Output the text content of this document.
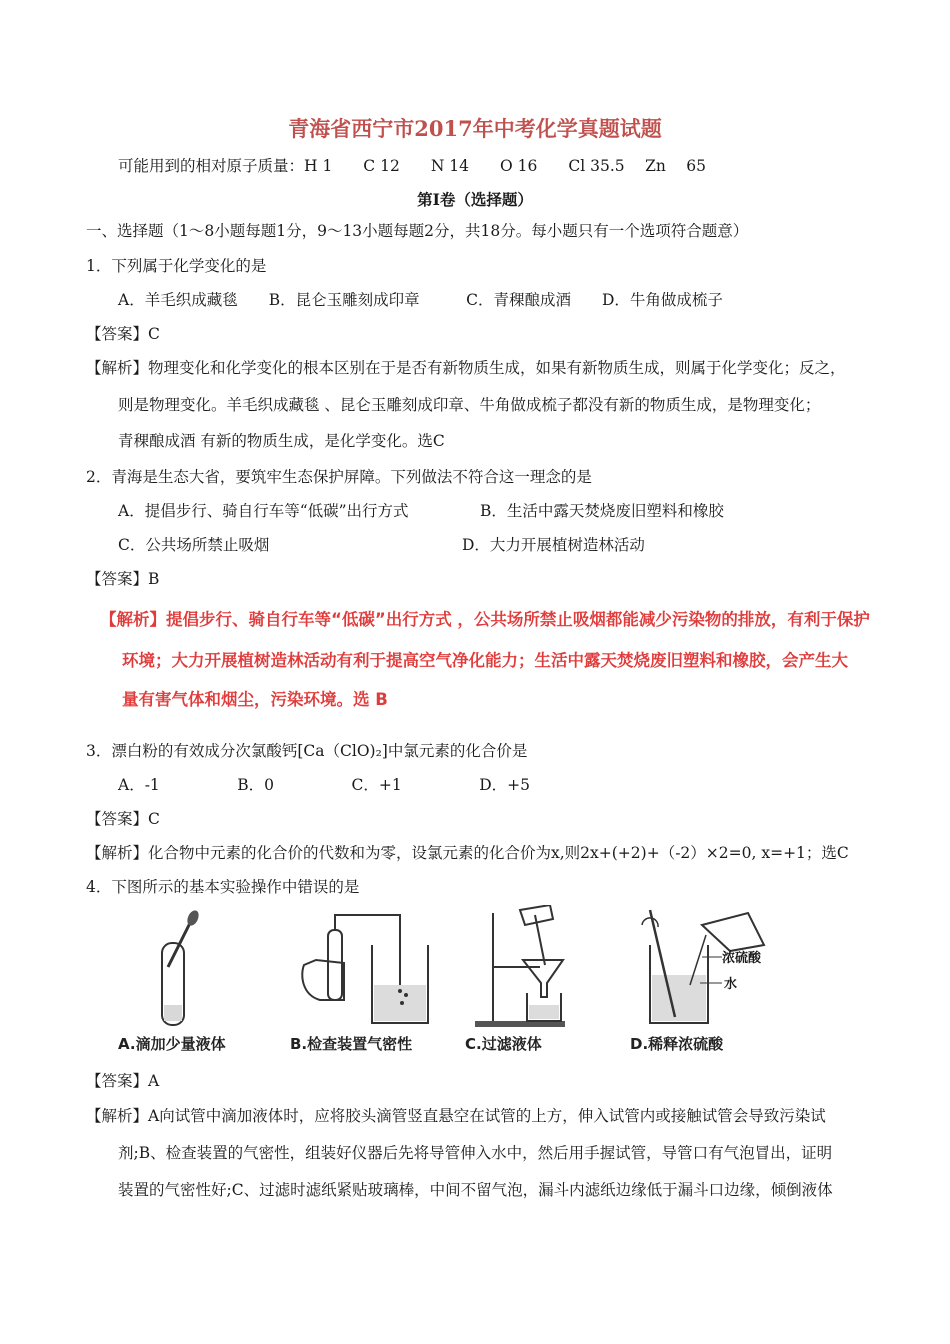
青海省西宁市2017年中考化学真题试题
可能用到的相对原子质量：H 1　　C 12　　N 14　　O 16　　Cl 35.5　 Zn　 65
第Ⅰ卷（选择题）
一、选择题（1～8小题每题1分，9～13小题每题2分，共18分。每小题只有一个选项符合题意）
1．下列属于化学变化的是
A．羊毛织成藏毯　　B．昆仑玉雕刻成印章　　　C．青稞酿成酒　　D．牛角做成梳子
【答案】C
【解析】物理变化和化学变化的根本区别在于是否有新物质生成，如果有新物质生成，则属于化学变化；反之，
则是物理变化。羊毛织成藏毯 、昆仑玉雕刻成印章、牛角做成梳子都没有新的物质生成，是物理变化；
青稞酿成酒 有新的物质生成，是化学变化。选C
2．青海是生态大省，要筑牢生态保护屏障。下列做法不符合这一理念的是
A．提倡步行、骑自行车等“低碳”出行方式	B．生活中露天焚烧废旧塑料和橡胶
C．公共场所禁止吸烟	D．大力开展植树造林活动
【答案】B
【解析】提倡步行、骑自行车等“低碳”出行方式 ，公共场所禁止吸烟都能减少污染物的排放，有利于保护
环境；大力开展植树造林活动有利于提高空气净化能力；生活中露天焚烧废旧塑料和橡胶，会产生大
量有害气体和烟尘，污染环境。选 B
3．漂白粉的有效成分次氯酸钙[Ca（ClO)₂]中氯元素的化合价是
A．-1　　　　　B．0　　　　　C．+1　　　　　D．+5
【答案】C
【解析】化合物中元素的化合价的代数和为零，设氯元素的化合价为x,则2x+(+2)+（-2）×2=0, x=+1；选C
4．下图所示的基本实验操作中错误的是
A.滴加少量液体	B.检查装置气密性	C.过滤液体
浓硫酸
水
D.稀释浓硫酸
【答案】A
【解析】A向试管中滴加液体时，应将胶头滴管竖直悬空在试管的上方，伸入试管内或接触试管会导致污染试
剂;B、检查装置的气密性，组装好仪器后先将导管伸入水中，然后用手握试管，导管口有气泡冒出，证明
装置的气密性好;C、过滤时滤纸紧贴玻璃棒，中间不留气泡，漏斗内滤纸边缘低于漏斗口边缘，倾倒液体
